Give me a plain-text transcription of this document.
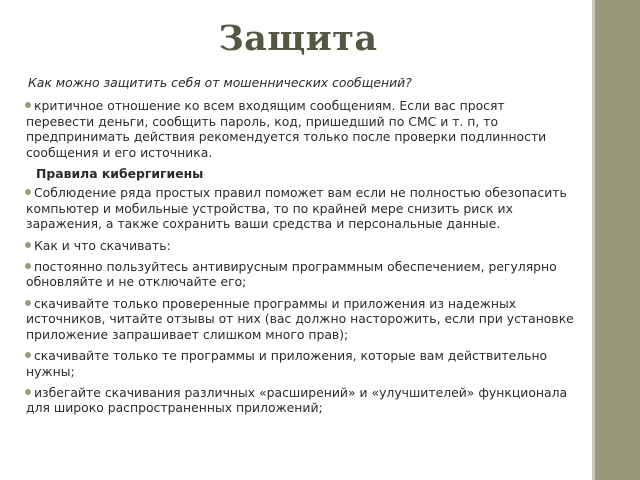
Защита
Как можно защитить себя от мошеннических сообщений?
критичное отношение ко всем входящим сообщениям. Если вас просят перевести деньги, сообщить пароль, код, пришедший по СМС и т. п, то предпринимать действия рекомендуется только после проверки подлинности сообщения и его источника.
Правила кибергигиены
Соблюдение ряда простых правил поможет вам если не полностью обезопасить компьютер и мобильные устройства, то по крайней мере снизить риск их заражения, а также сохранить ваши средства и персональные данные.
Как и что скачивать:
постоянно пользуйтесь антивирусным программным обеспечением, регулярно обновляйте и не отключайте его;
скачивайте только проверенные программы и приложения из надежных источников, читайте отзывы от них (вас должно насторожить, если при установке приложение запрашивает слишком много прав);
скачивайте только те программы и приложения, которые вам действительно нужны;
избегайте скачивания различных «расширений» и «улучшителей» функционала для широко распространенных приложений;
